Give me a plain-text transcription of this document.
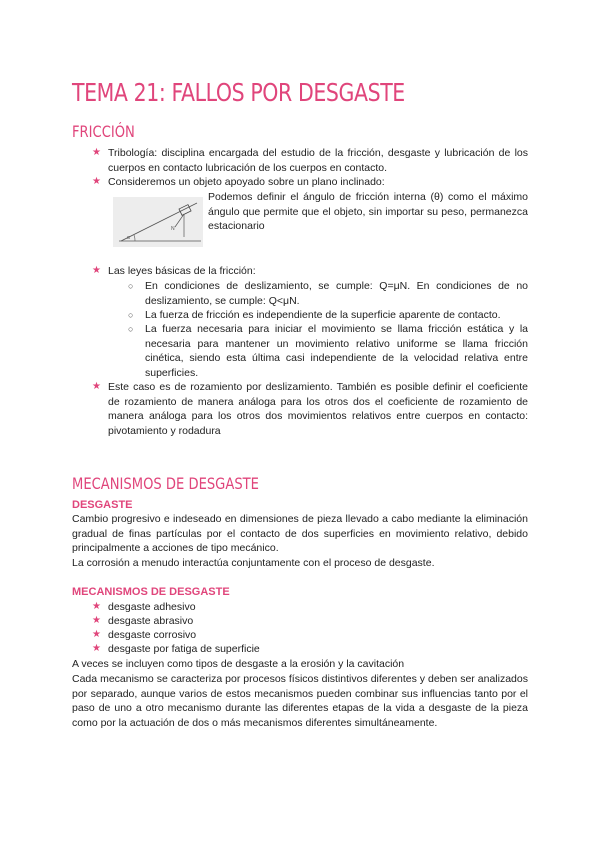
TEMA 21: FALLOS POR DESGASTE
FRICCIÓN
★ Tribología: disciplina encargada del estudio de la fricción, desgaste y lubricación de los cuerpos en contacto lubricación de los cuerpos en contacto.

★ Consideremos un objeto apoyado sobre un plano inclinado:

α
N

Podemos definir el ángulo de fricción interna (θ) como el máximo ángulo que permite que el objeto, sin importar su peso, permanezca estacionario

★ Las leyes básicas de la fricción:

○ En condiciones de deslizamiento, se cumple: Q=μN. En condiciones de no deslizamiento, se cumple: Q<μN.

○ La fuerza de fricción es independiente de la superficie aparente de contacto.

○ La fuerza necesaria para iniciar el movimiento se llama fricción estática y la necesaria para mantener un movimiento relativo uniforme se llama fricción cinética, siendo esta última casi independiente de la velocidad relativa entre superficies.

★ Este caso es de rozamiento por deslizamiento. También es posible definir el coeficiente de rozamiento de manera análoga para los otros dos el coeficiente de rozamiento de manera análoga para los otros dos movimientos relativos entre cuerpos en contacto: pivotamiento y rodadura

MECANISMOS DE DESGASTE
DESGASTE

Cambio progresivo e indeseado en dimensiones de pieza llevado a cabo mediante la eliminación gradual de finas partículas por el contacto de dos superficies en movimiento relativo, debido principalmente a acciones de tipo mecánico.

La corrosión a menudo interactúa conjuntamente con el proceso de desgaste.

MECANISMOS DE DESGASTE
★ desgaste adhesivo

★ desgaste abrasivo

★ desgaste corrosivo

★ desgaste por fatiga de superficie

A veces se incluyen como tipos de desgaste a la erosión y la cavitación

Cada mecanismo se caracteriza por procesos físicos distintivos diferentes y deben ser analizados por separado, aunque varios de estos mecanismos pueden combinar sus influencias tanto por el paso de uno a otro mecanismo durante las diferentes etapas de la vida a desgaste de la pieza como por la actuación de dos o más mecanismos diferentes simultáneamente.
